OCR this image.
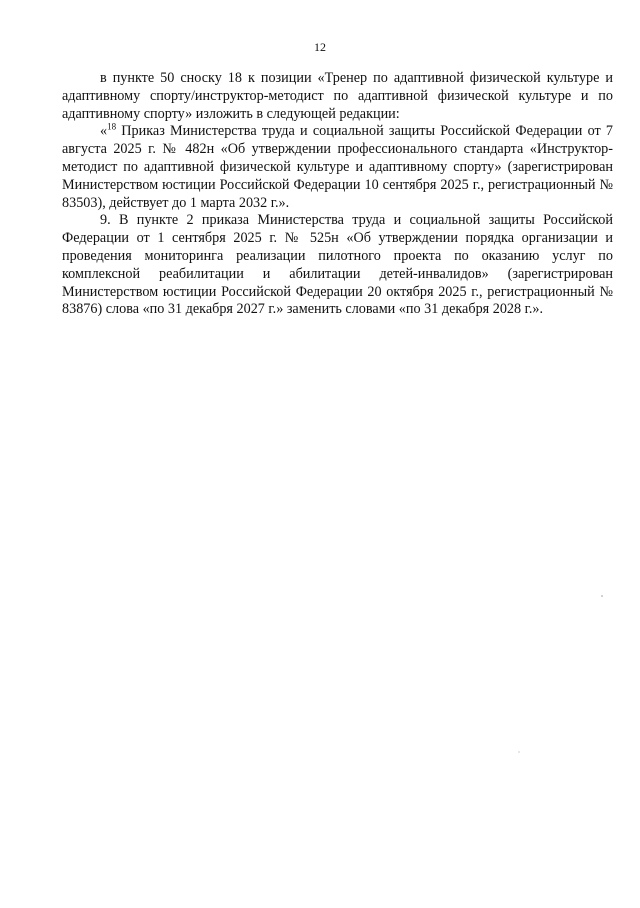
12

в пункте 50 сноску 18 к позиции «Тренер по адаптивной физической культуре и адаптивному спорту/инструктор-методист по адаптивной физической культуре и по адаптивному спорту» изложить в следующей редакции:

«$^{18}$ Приказ Министерства труда и социальной защиты Российской Федерации от 7 августа 2025 г. № 482н «Об утверждении профессионального стандарта «Инструктор-методист по адаптивной физической культуре и адаптивному спорту» (зарегистрирован Министерством юстиции Российской Федерации 10 сентября 2025 г., регистрационный № 83503), действует до 1 марта 2032 г.».

9. В пункте 2 приказа Министерства труда и социальной защиты Российской Федерации от 1 сентября 2025 г. № 525н «Об утверждении порядка организации и проведения мониторинга реализации пилотного проекта по оказанию услуг по комплексной реабилитации и абилитации детей-инвалидов» (зарегистрирован Министерством юстиции Российской Федерации 20 октября 2025 г., регистрационный № 83876) слова «по 31 декабря 2027 г.» заменить словами «по 31 декабря 2028 г.».
